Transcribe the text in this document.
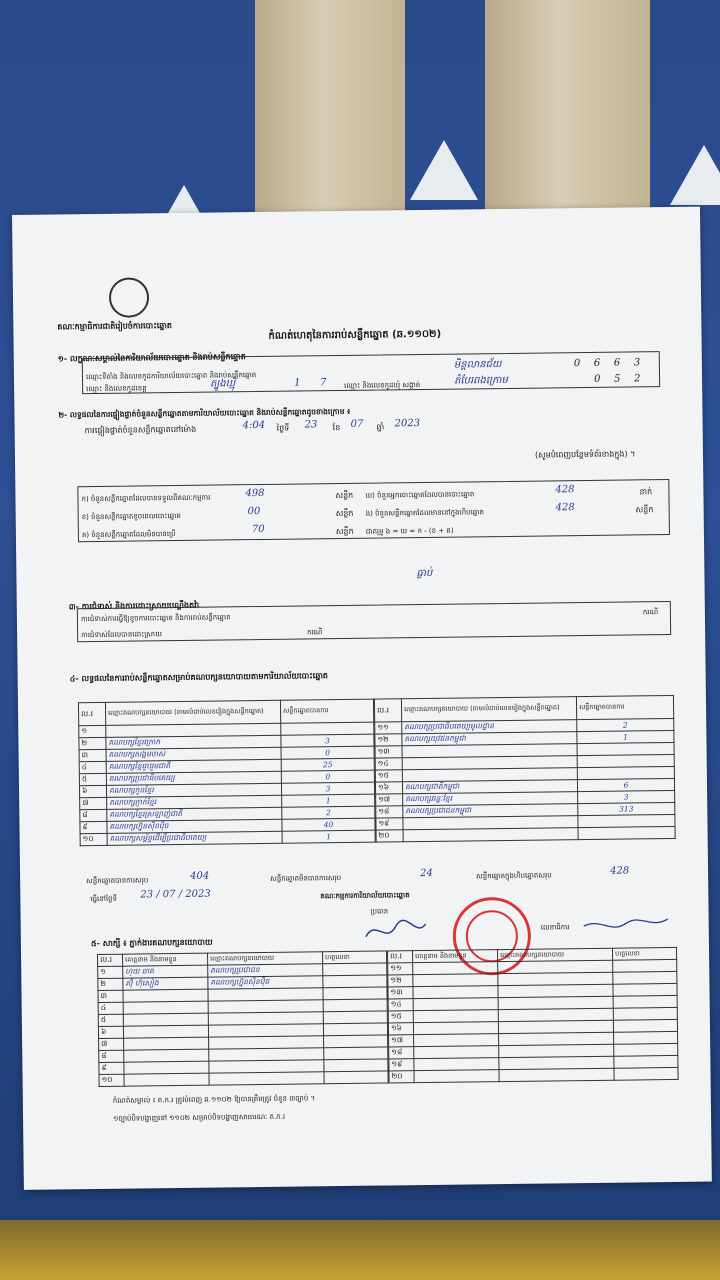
គណៈកម្មាធិការជាតិរៀបចំការបោះឆ្នោត
កំណត់ហេតុនៃការរាប់សន្លឹកឆ្នោត (ឆ.១១០២)
១- លក្ខណៈសម្គាល់នៃការិយាល័យបោះឆ្នោត និងរាប់សន្លឹកឆ្នោត
ឈ្មោះទីតាំង និងលេខកូដការិយាល័យបោះឆ្នោត និងរាប់សន្លឹកឆ្នោត
ឈ្មោះ និងលេខកូដខេត្ត	ត្បូងឃ្មុំ	1 7	ឈ្មោះ និងលេខកូដឃុំ សង្កាត់
មិន្តលានជ័យ
តំបែរពងក្រោម
0 6 6 3
0 5 2
២- លទ្ធផលនៃការផ្ទៀងផ្ទាត់ចំនួនសន្លឹកឆ្នោតតាមការិយាល័យបោះឆ្នោត និងរាប់សន្លឹកឆ្នោតដូចខាងក្រោម ៖
ការផ្ទៀងផ្ទាត់ចំនួនសន្លឹកឆ្នោតនៅម៉ោង	4:04 ថ្ងៃទី 23 ខែ 07 ឆ្នាំ 2023
(សូមបំពេញបន្ថែមទំព័រខាងក្នុង) ។
ក) ចំនួនសន្លឹកឆ្នោតដែលបានទទួលពីគណៈកម្មការ	498	សន្លឹក
ខ) ចំនួនសន្លឹកឆ្នោតខូចពេលបោះឆ្នោត	00	សន្លឹក
គ) ចំនួនសន្លឹកឆ្នោតដែលមិនបានប្រើ	70	សន្លឹក
ឃ) ចំនួនអ្នកបោះឆ្នោតដែលបានបោះឆ្នោត	428	នាក់
ង) ចំនួនសន្លឹកឆ្នោតដែលមាននៅក្នុងហិបឆ្នោត	428	សន្លឹក
ជាគម្រូ ង = ឃ = ក - (ខ + គ)
ធ្លាប់
៣- ការជំទាស់ និងការដោះស្រាយបណ្តឹងតវ៉ា
ការជំទាស់ការធ្វើឱ្យខូចការបោះឆ្នោត និងការរាប់សន្លឹកឆ្នោត
ករណី
ការជំទាស់ដែលបានដោះស្រាយ	ករណី
៤- លទ្ធផលនៃការរាប់សន្លឹកឆ្នោតសម្រាប់គណបក្សនយោបាយតាមការិយាល័យបោះឆ្នោត
ល.រ	ឈ្មោះគណបក្សនយោបាយ (តាមលំដាប់លេខរៀងក្នុងសន្លឹកឆ្នោត)	សន្លឹកឆ្នោតបានការ
១		
២	គណបក្សខ្មែរក្រោក	3
៣	គណបក្សសង្គមចាស់	0
៤	គណបក្សខ្មែររួបរួមជាតិ	25
៥	គណបក្សប្រជាធិបតេយ្យ	0
៦	គណបក្សកូនខ្មែរ	3
៧	គណបក្សភ្ញាក់ខ្មែរ	1
៨	គណបក្សខ្មែរស្រឡាញ់ជាតិ	2
៩	គណបក្សហ្វ៊ុនស៊ិនប៉ិច	40
១០	គណបក្សសម្ព័ន្ធដើម្បីប្រជាធិបតេយ្យ	1
ល.រ	ឈ្មោះគណបក្សនយោបាយ (តាមលំដាប់លេខរៀងក្នុងសន្លឹកឆ្នោត)	សន្លឹកឆ្នោតបានការ
១១	គណបក្សប្រជាធិបតេយ្យមូលដ្ឋាន	2
១២	គណបក្សយុវជនកម្ពុជា	1
១៣		
១៤		
១៥		
១៦	គណបក្សជាតិកម្ពុជា	6
១៧	គណបក្សឆន្ទៈខ្មែរ	3
១៨	គណបក្សប្រជាជនកម្ពុជា	313
១៩		
២០		
សន្លឹកឆ្នោតបានការសរុប	404	សន្លឹកឆ្នោតមិនបានការសរុប	24	សន្លឹកឆ្នោតក្នុងហិបឆ្នោតសរុប	428
ធ្វើនៅថ្ងៃទី 23 / 07 / 2023	គណៈកម្មការការិយាល័យបោះឆ្នោត
ប្រធាន
លេខាធិការ
៥- សាក្សី ៖ ភ្នាក់ងារគណបក្សនយោបាយ
ល.រ	គោត្តនាម និងនាមខ្លួន	ឈ្មោះគណបក្សនយោបាយ	ហត្ថលេខា
១	ហុយ ឆាត	គណបក្សប្រជាជន	
២	ស៊ុំ ហ៊ុសៀង	គណបក្សហ្វ៊ុនស៊ិនប៉ិច	
៣			
៤			
៥			
៦			
៧			
៨			
៩			
១០			
ល.រ	គោត្តនាម និងនាមខ្លួន	ឈ្មោះគណបក្សនយោបាយ	ហត្ថលេខា
១១			
១២			
១៣			
១៤			
១៥			
១៦			
១៧			
១៨			
១៩			
២០			
កំណត់សម្គាល់ ៖ ត.ក.រ ត្រូវបំពេញ ឆ.១១០២ ឱ្យបានត្រឹមត្រូវ ចំនួន ៣ច្បាប់ ។
១ច្បាប់បិទបង្ហាញនៅ ១១០២ សម្រាប់បិទបង្ហាញសាធារណៈ ត.ក.រ
